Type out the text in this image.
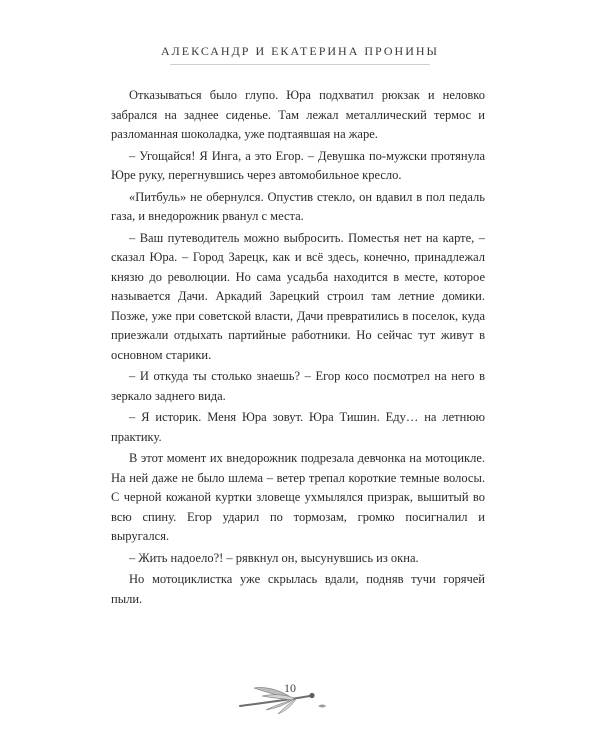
АЛЕКСАНДР И ЕКАТЕРИНА ПРОНИНЫ

Отказываться было глупо. Юра подхватил рюкзак и неловко забрался на заднее сиденье. Там лежал металлический термос и разломанная шоколадка, уже подтаявшая на жаре.

– Угощайся! Я Инга, а это Егор. – Девушка по-мужски протянула Юре руку, перегнувшись через автомобильное кресло.

«Питбуль» не обернулся. Опустив стекло, он вдавил в пол педаль газа, и внедорожник рванул с места.

– Ваш путеводитель можно выбросить. Поместья нет на карте, – сказал Юра. – Город Зарецк, как и всё здесь, конечно, принадлежал князю до революции. Но сама усадьба находится в месте, которое называется Дачи. Аркадий Зарецкий строил там летние домики. Позже, уже при советской власти, Дачи превратились в поселок, куда приезжали отдыхать партийные работники. Но сейчас тут живут в основном старики.

– И откуда ты столько знаешь? – Егор косо посмотрел на него в зеркало заднего вида.

– Я историк. Меня Юра зовут. Юра Тишин. Еду… на летнюю практику.

В этот момент их внедорожник подрезала девчонка на мотоцикле. На ней даже не было шлема – ветер трепал короткие темные волосы. С черной кожаной куртки зловеще ухмылялся призрак, вышитый во всю спину. Егор ударил по тормозам, громко посигналил и выругался.

– Жить надоело?! – рявкнул он, высунувшись из окна.

Но мотоциклистка уже скрылась вдали, подняв тучи горячей пыли.

10
